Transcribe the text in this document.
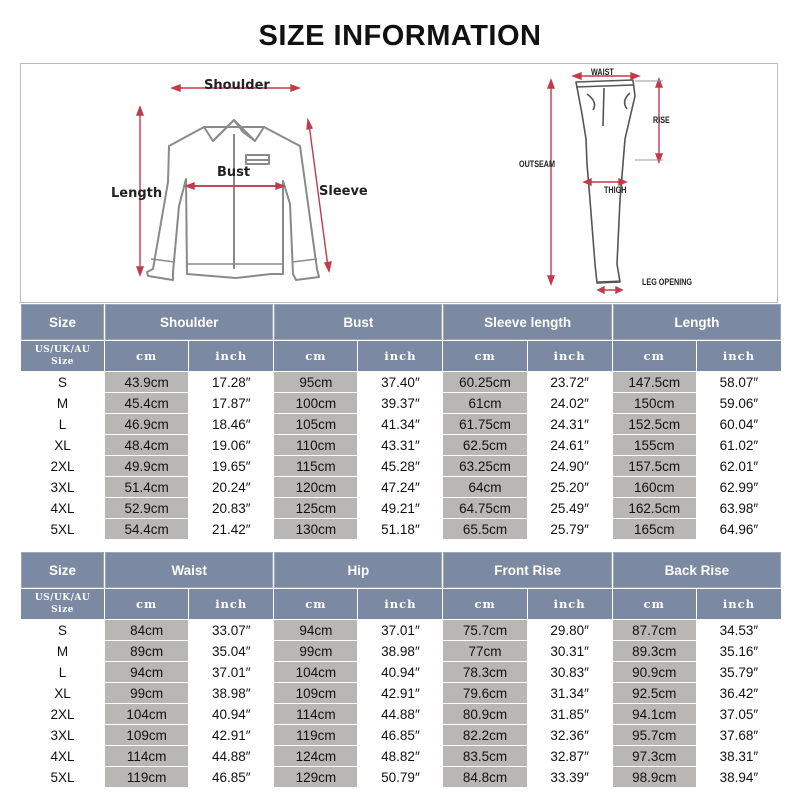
SIZE INFORMATION
Shoulder
Bust
Length	Sleeve
WAIST
RISE
OUTSEAM
THIGH
LEG OPENING
Size	Shoulder		Bust		Sleeve length		Length	
US/UK/AU
Size	cm	inch	cm	inch	cm	inch	cm	inch
S	43.9cm	17.28″	95cm	37.40″	60.25cm	23.72″	147.5cm	58.07″
M	45.4cm	17.87″	100cm	39.37″	61cm	24.02″	150cm	59.06″
L	46.9cm	18.46″	105cm	41.34″	61.75cm	24.31″	152.5cm	60.04″
XL	48.4cm	19.06″	110cm	43.31″	62.5cm	24.61″	155cm	61.02″
2XL	49.9cm	19.65″	115cm	45.28″	63.25cm	24.90″	157.5cm	62.01″
3XL	51.4cm	20.24″	120cm	47.24″	64cm	25.20″	160cm	62.99″
4XL	52.9cm	20.83″	125cm	49.21″	64.75cm	25.49″	162.5cm	63.98″
5XL	54.4cm	21.42″	130cm	51.18″	65.5cm	25.79″	165cm	64.96″
Size	Waist		Hip		Front Rise		Back Rise	
US/UK/AU
Size	cm	inch	cm	inch	cm	inch	cm	inch
S	84cm	33.07″	94cm	37.01″	75.7cm	29.80″	87.7cm	34.53″
M	89cm	35.04″	99cm	38.98″	77cm	30.31″	89.3cm	35.16″
L	94cm	37.01″	104cm	40.94″	78.3cm	30.83″	90.9cm	35.79″
XL	99cm	38.98″	109cm	42.91″	79.6cm	31.34″	92.5cm	36.42″
2XL	104cm	40.94″	114cm	44.88″	80.9cm	31.85″	94.1cm	37.05″
3XL	109cm	42.91″	119cm	46.85″	82.2cm	32.36″	95.7cm	37.68″
4XL	114cm	44.88″	124cm	48.82″	83.5cm	32.87″	97.3cm	38.31″
5XL	119cm	46.85″	129cm	50.79″	84.8cm	33.39″	98.9cm	38.94″
